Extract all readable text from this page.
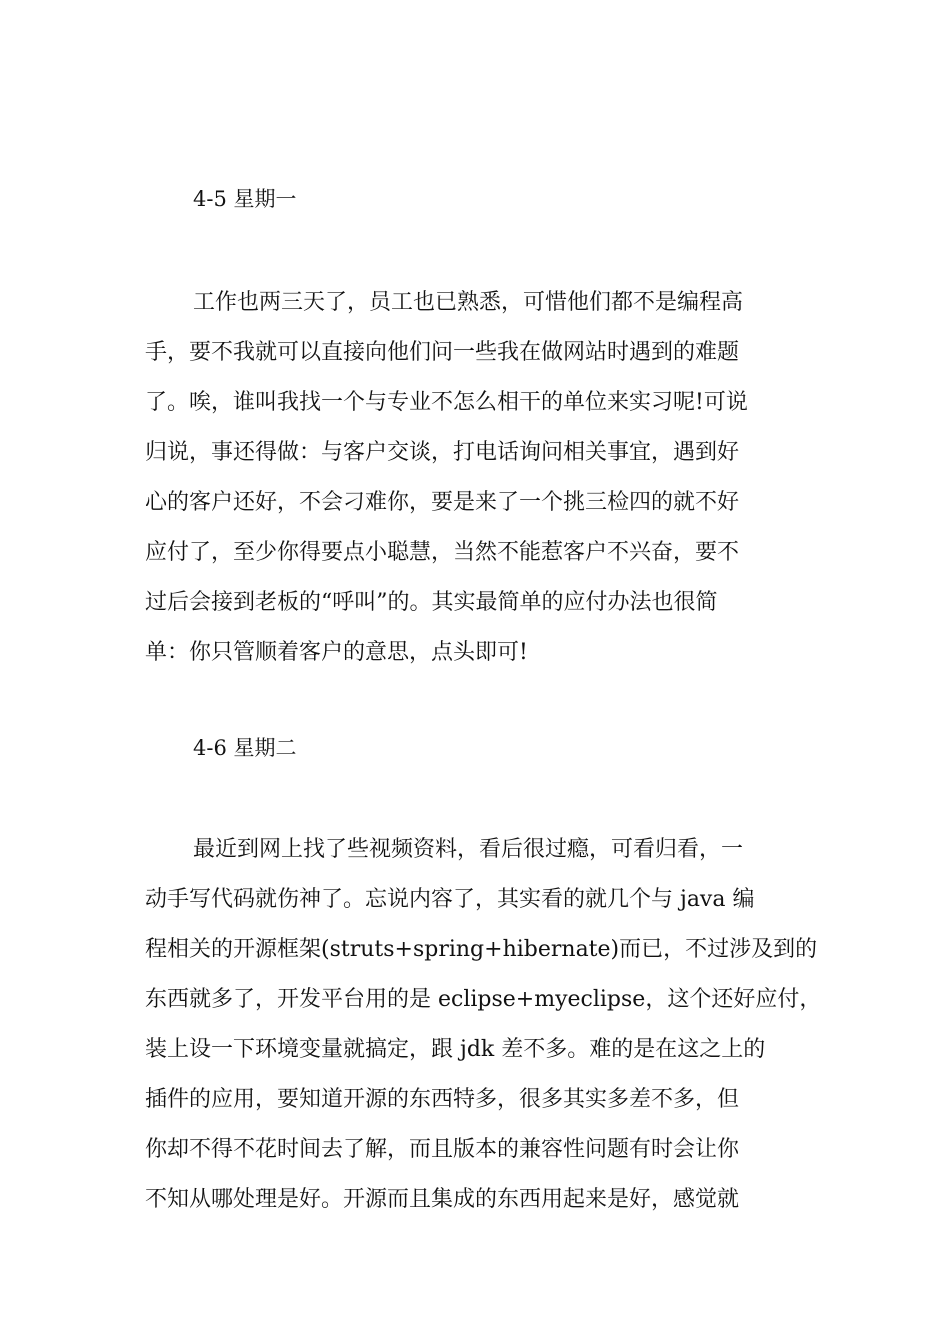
4-5 星期一
工作也两三天了，员工也已熟悉，可惜他们都不是编程高
手，要不我就可以直接向他们问一些我在做网站时遇到的难题
了。唉，谁叫我找一个与专业不怎么相干的单位来实习呢!可说
归说，事还得做：与客户交谈，打电话询问相关事宜，遇到好
心的客户还好，不会刁难你，要是来了一个挑三检四的就不好
应付了，至少你得要点小聪慧，当然不能惹客户不兴奋，要不
过后会接到老板的“呼叫”的。其实最简单的应付办法也很简
单：你只管顺着客户的意思，点头即可!
4-6 星期二
最近到网上找了些视频资料，看后很过瘾，可看归看，一
动手写代码就伤神了。忘说内容了，其实看的就几个与 java 编
程相关的开源框架(struts+spring+hibernate)而已，不过涉及到的
东西就多了，开发平台用的是 eclipse+myeclipse，这个还好应付，
装上设一下环境变量就搞定，跟 jdk 差不多。难的是在这之上的
插件的应用，要知道开源的东西特多，很多其实多差不多，但
你却不得不花时间去了解，而且版本的兼容性问题有时会让你
不知从哪处理是好。开源而且集成的东西用起来是好，感觉就
